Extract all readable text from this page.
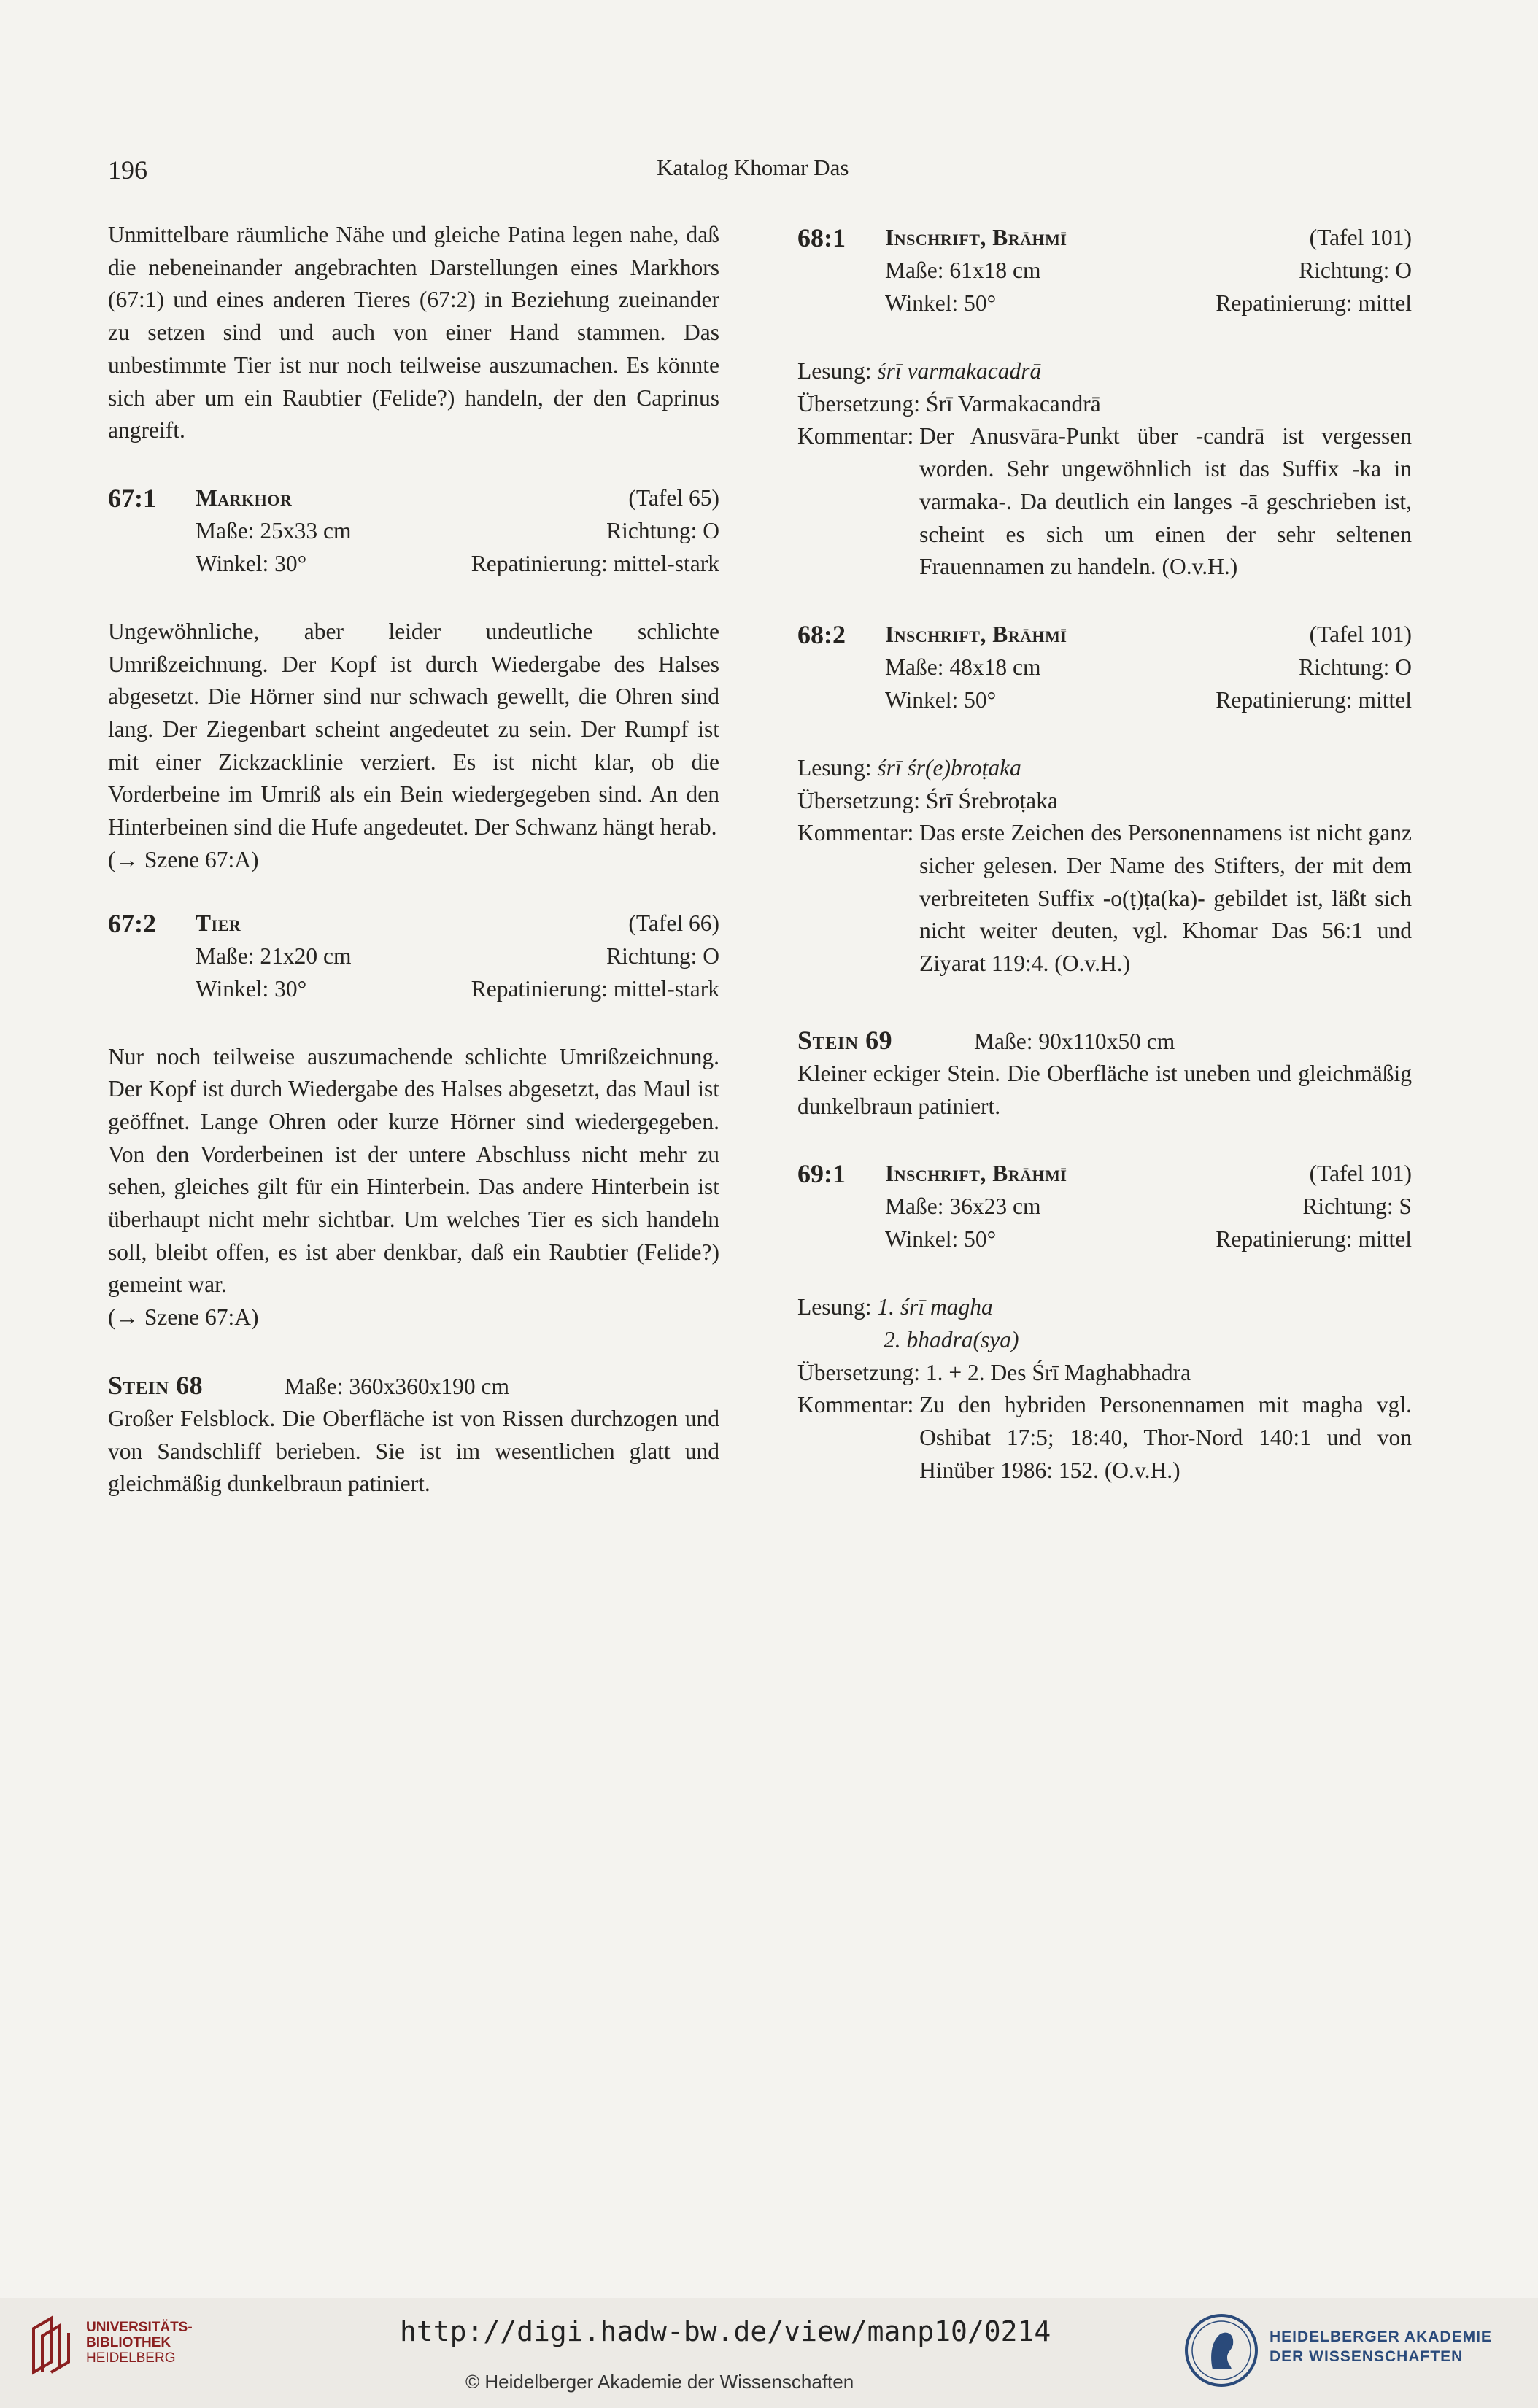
196	Katalog Khomar Das

Unmittelbare räumliche Nähe und gleiche Patina legen nahe, daß die nebeneinander angebrachten Darstellungen eines Markhors (67:1) und eines anderen Tieres (67:2) in Beziehung zueinander zu setzen sind und auch von einer Hand stammen. Das unbestimmte Tier ist nur noch teilweise auszumachen. Es könnte sich aber um ein Raubtier (Felide?) handeln, der den Caprinus angreift.

67:1 Markhor	(Tafel 65)
Maße: 25x33 cm	Richtung: O
Winkel: 30°	Repatinierung: mittel-stark

Ungewöhnliche, aber leider undeutliche schlichte Umrißzeichnung. Der Kopf ist durch Wiedergabe des Halses abgesetzt. Die Hörner sind nur schwach gewellt, die Ohren sind lang. Der Ziegenbart scheint angedeutet zu sein. Der Rumpf ist mit einer Zickzacklinie verziert. Es ist nicht klar, ob die Vorderbeine im Umriß als ein Bein wiedergegeben sind. An den Hinterbeinen sind die Hufe angedeutet. Der Schwanz hängt herab.

(→ Szene 67:A)

67:2 Tier	(Tafel 66)
Maße: 21x20 cm	Richtung: O
Winkel: 30°	Repatinierung: mittel-stark

Nur noch teilweise auszumachende schlichte Umrißzeichnung. Der Kopf ist durch Wiedergabe des Halses abgesetzt, das Maul ist geöffnet. Lange Ohren oder kurze Hörner sind wiedergegeben. Von den Vorderbeinen ist der untere Abschluss nicht mehr zu sehen, gleiches gilt für ein Hinterbein. Das andere Hinterbein ist überhaupt nicht mehr sichtbar. Um welches Tier es sich handeln soll, bleibt offen, es ist aber denkbar, daß ein Raubtier (Felide?) gemeint war.

(→ Szene 67:A)

Stein 68	Maße: 360x360x190 cm

Großer Felsblock. Die Oberfläche ist von Rissen durchzogen und von Sandschliff berieben. Sie ist im wesentlichen glatt und gleichmäßig dunkelbraun patiniert.

68:1 Inschrift, Brāhmī	(Tafel 101)
Maße: 61x18 cm	Richtung: O
Winkel: 50°	Repatinierung: mittel

Lesung: śrī varmakacadrā

Übersetzung: Śrī Varmakacandrā

Kommentar:
Der Anusvāra-Punkt über -candrā ist vergessen worden. Sehr ungewöhnlich ist das Suffix -ka in varmaka-. Da deutlich ein langes -ā geschrieben ist, scheint es sich um einen der sehr seltenen Frauennamen zu handeln. (O.v.H.)

68:2 Inschrift, Brāhmī	(Tafel 101)
Maße: 48x18 cm	Richtung: O
Winkel: 50°	Repatinierung: mittel

Lesung: śrī śr(e)broṭaka

Übersetzung: Śrī Śrebroṭaka

Kommentar:
Das erste Zeichen des Personennamens ist nicht ganz sicher gelesen. Der Name des Stifters, der mit dem verbreiteten Suffix -o(ṭ)ṭa(ka)- gebildet ist, läßt sich nicht weiter deuten, vgl. Khomar Das 56:1 und Ziyarat 119:4. (O.v.H.)

Stein 69	Maße: 90x110x50 cm

Kleiner eckiger Stein. Die Oberfläche ist uneben und gleichmäßig dunkelbraun patiniert.

69:1 Inschrift, Brāhmī	(Tafel 101)
Maße: 36x23 cm	Richtung: S
Winkel: 50°	Repatinierung: mittel

Lesung: 1. śrī magha

2. bhadra(sya)

Übersetzung: 1. + 2. Des Śrī Maghabhadra

Kommentar:
Zu den hybriden Personennamen mit magha vgl. Oshibat 17:5; 18:40, Thor-Nord 140:1 und von Hinüber 1986: 152. (O.v.H.)

UNIVERSITÄTS-
BIBLIOTHEK
HEIDELBERG
http://digi.hadw-bw.de/view/manp10/0214
© Heidelberger Akademie der Wissenschaften
HEIDELBERGER AKADEMIE
DER WISSENSCHAFTEN
